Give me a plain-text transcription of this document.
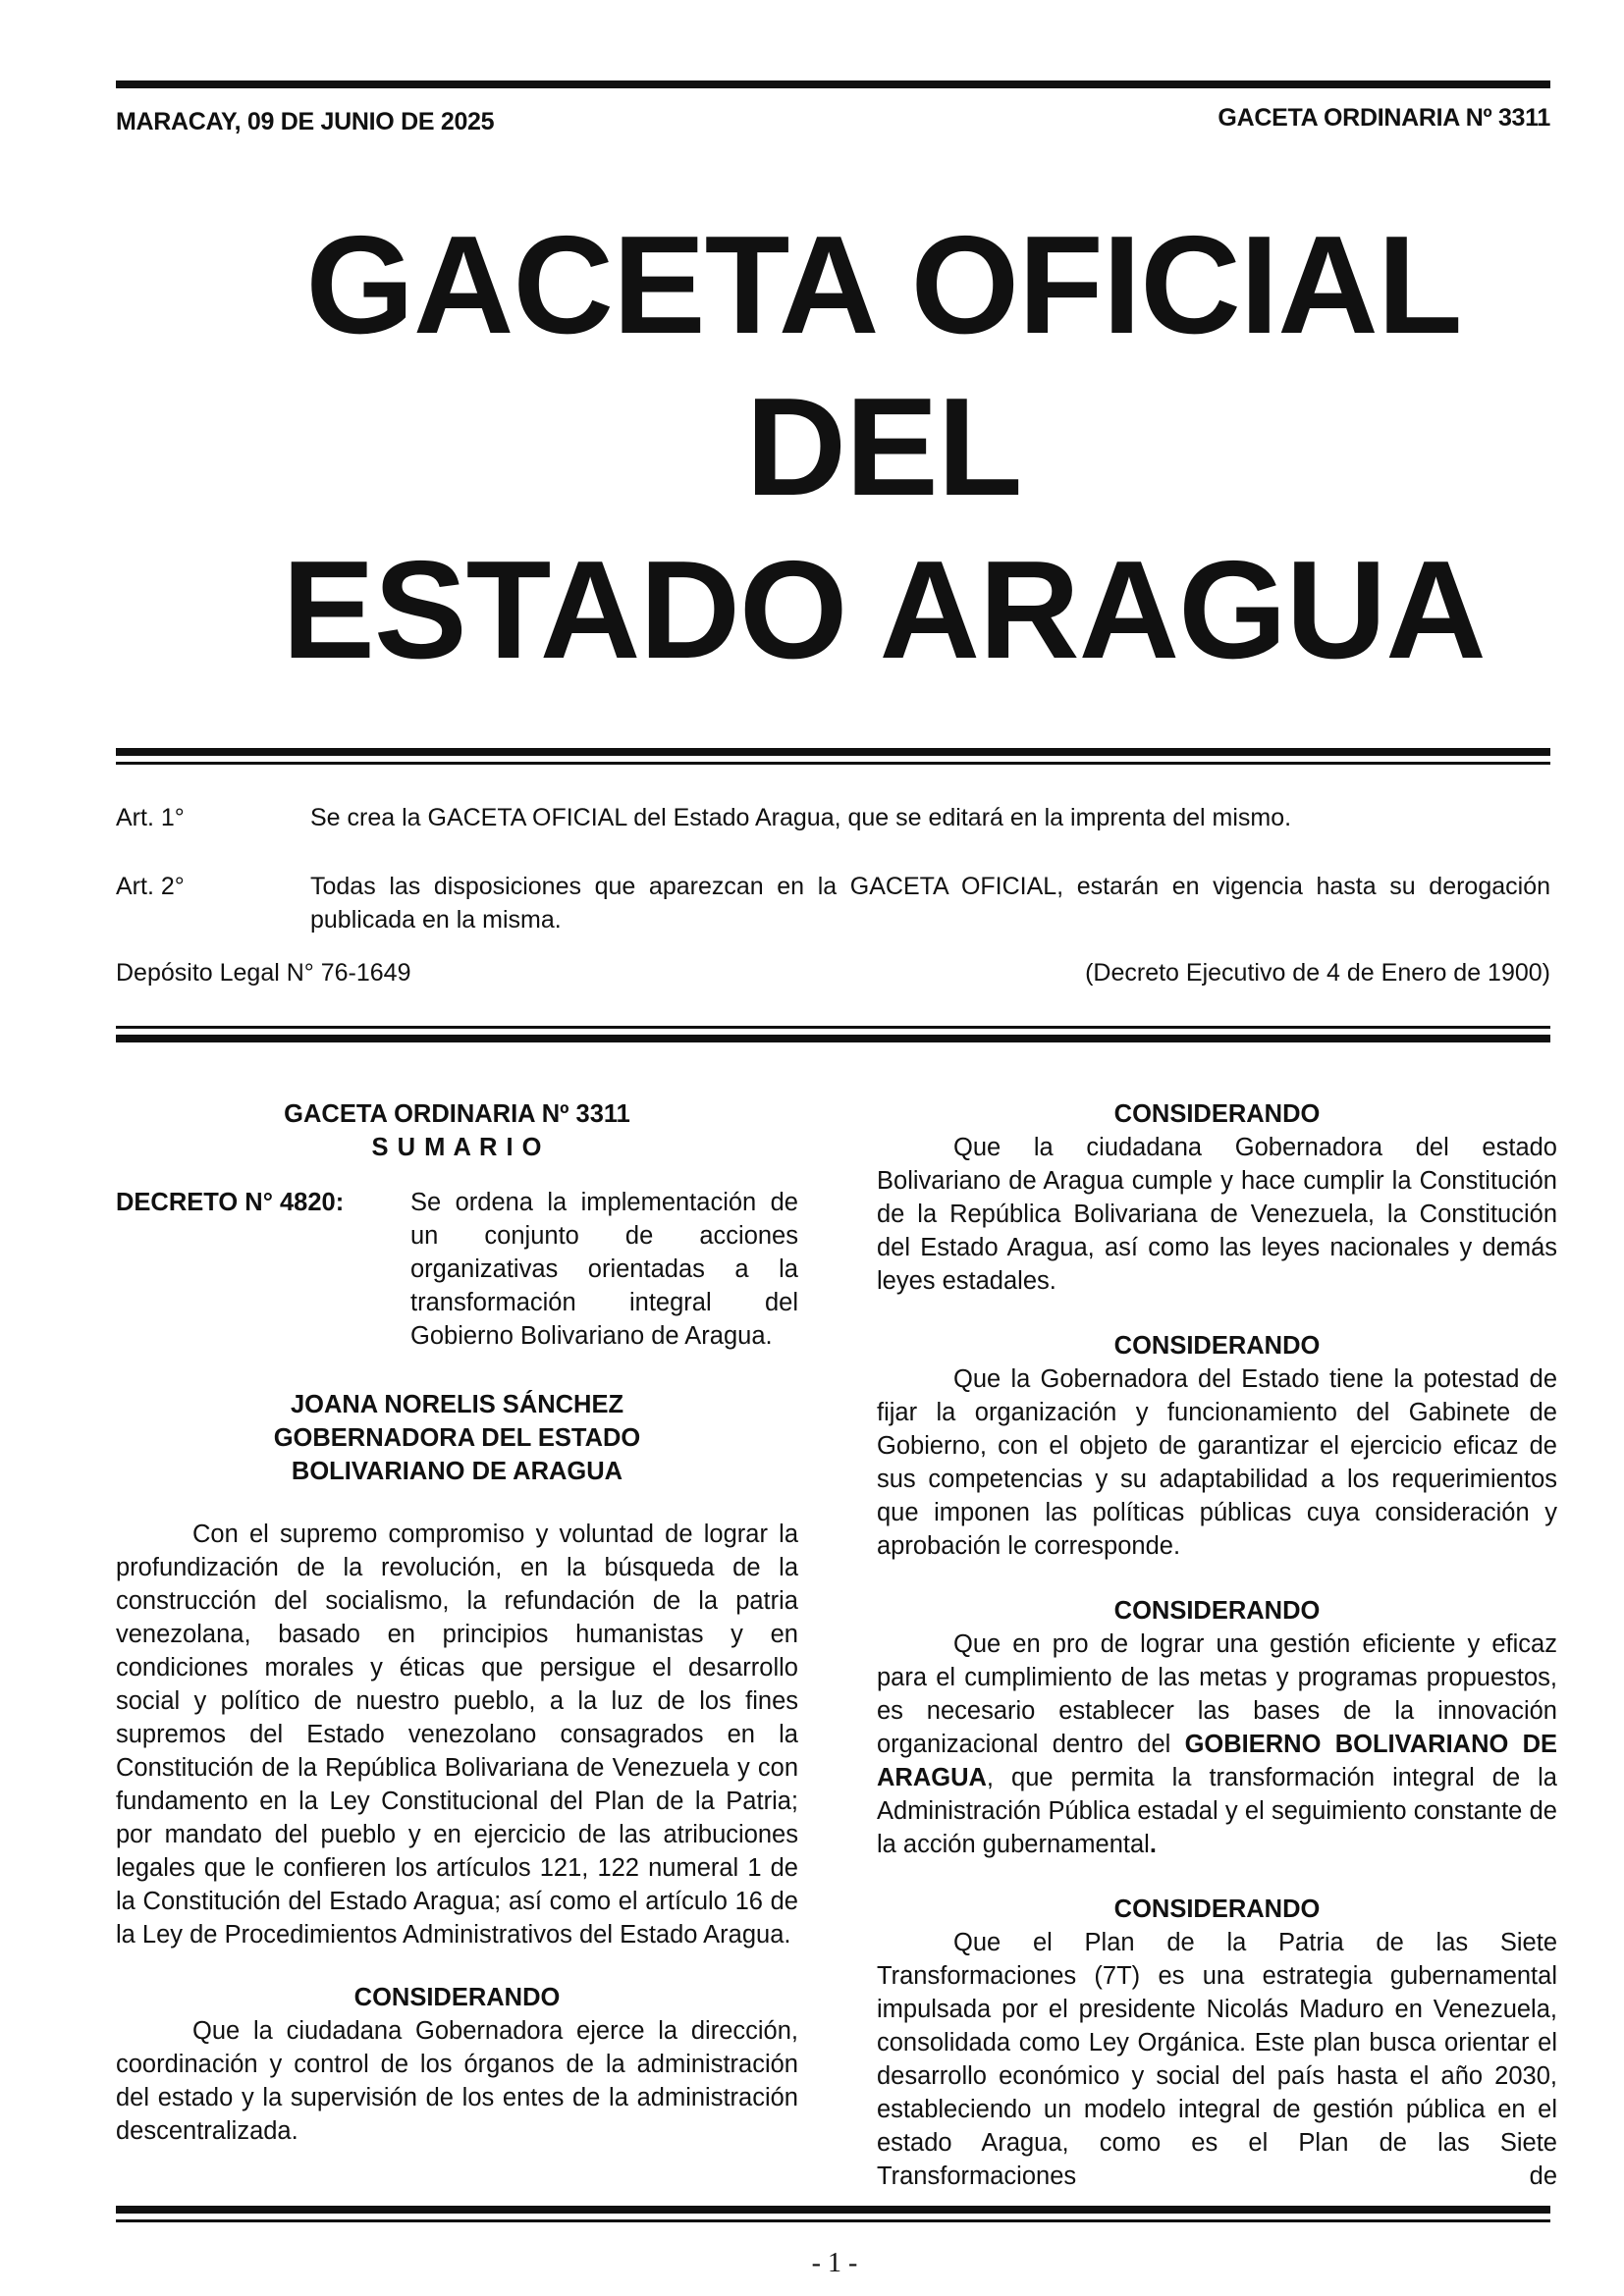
MARACAY, 09 DE JUNIO DE 2025	GACETA ORDINARIA Nº 3311
GACETA OFICIAL
DEL
ESTADO ARAGUA
Art. 1°	Se crea la GACETA OFICIAL del Estado Aragua, que se editará en la imprenta del mismo.
Art. 2°	Todas las disposiciones que aparezcan en la GACETA OFICIAL, estarán en vigencia hasta su derogación publicada en la misma.
Depósito Legal N° 76-1649	(Decreto Ejecutivo de 4 de Enero de 1900)

GACETA ORDINARIA Nº 3311

S U M A R I O

DECRETO N° 4820:	Se ordena la implementación de un conjunto de acciones organizativas orientadas a la transformación integral del Gobierno Bolivariano de Aragua.

JOANA NORELIS SÁNCHEZ

GOBERNADORA DEL ESTADO

BOLIVARIANO DE ARAGUA

Con el supremo compromiso y voluntad de lograr la profundización de la revolución, en la búsqueda de la construcción del socialismo, la refundación de la patria venezolana, basado en principios humanistas y en condiciones morales y éticas que persigue el desarrollo social y político de nuestro pueblo, a la luz de los fines supremos del Estado venezolano consagrados en la Constitución de la República Bolivariana de Venezuela y con fundamento en la Ley Constitucional del Plan de la Patria; por mandato del pueblo y en ejercicio de las atribuciones legales que le confieren los artículos 121, 122 numeral 1 de la Constitución del Estado Aragua; así como el artículo 16 de la Ley de Procedimientos Administrativos del Estado Aragua.

CONSIDERANDO

Que la ciudadana Gobernadora ejerce la dirección, coordinación y control de los órganos de la administración del estado y la supervisión de los entes de la administración descentralizada.

CONSIDERANDO

Que la ciudadana Gobernadora del estado Bolivariano de Aragua cumple y hace cumplir la Constitución de la República Bolivariana de Venezuela, la Constitución del Estado Aragua, así como las leyes nacionales y demás leyes estadales.

CONSIDERANDO

Que la Gobernadora del Estado tiene la potestad de fijar la organización y funcionamiento del Gabinete de Gobierno, con el objeto de garantizar el ejercicio eficaz de sus competencias y su adaptabilidad a los requerimientos que imponen las políticas públicas cuya consideración y aprobación le corresponde.

CONSIDERANDO

Que en pro de lograr una gestión eficiente y eficaz para el cumplimiento de las metas y programas propuestos, es necesario establecer las bases de la innovación organizacional dentro del GOBIERNO BOLIVARIANO DE ARAGUA, que permita la transformación integral de la Administración Pública estadal y el seguimiento constante de la acción gubernamental.

CONSIDERANDO

Que el Plan de la Patria de las Siete Transformaciones (7T) es una estrategia gubernamental impulsada por el presidente Nicolás Maduro en Venezuela, consolidada como Ley Orgánica. Este plan busca orientar el desarrollo económico y social del país hasta el año 2030, estableciendo un modelo integral de gestión pública en el estado Aragua, como es el Plan de las Siete Transformaciones de

- 1 -
